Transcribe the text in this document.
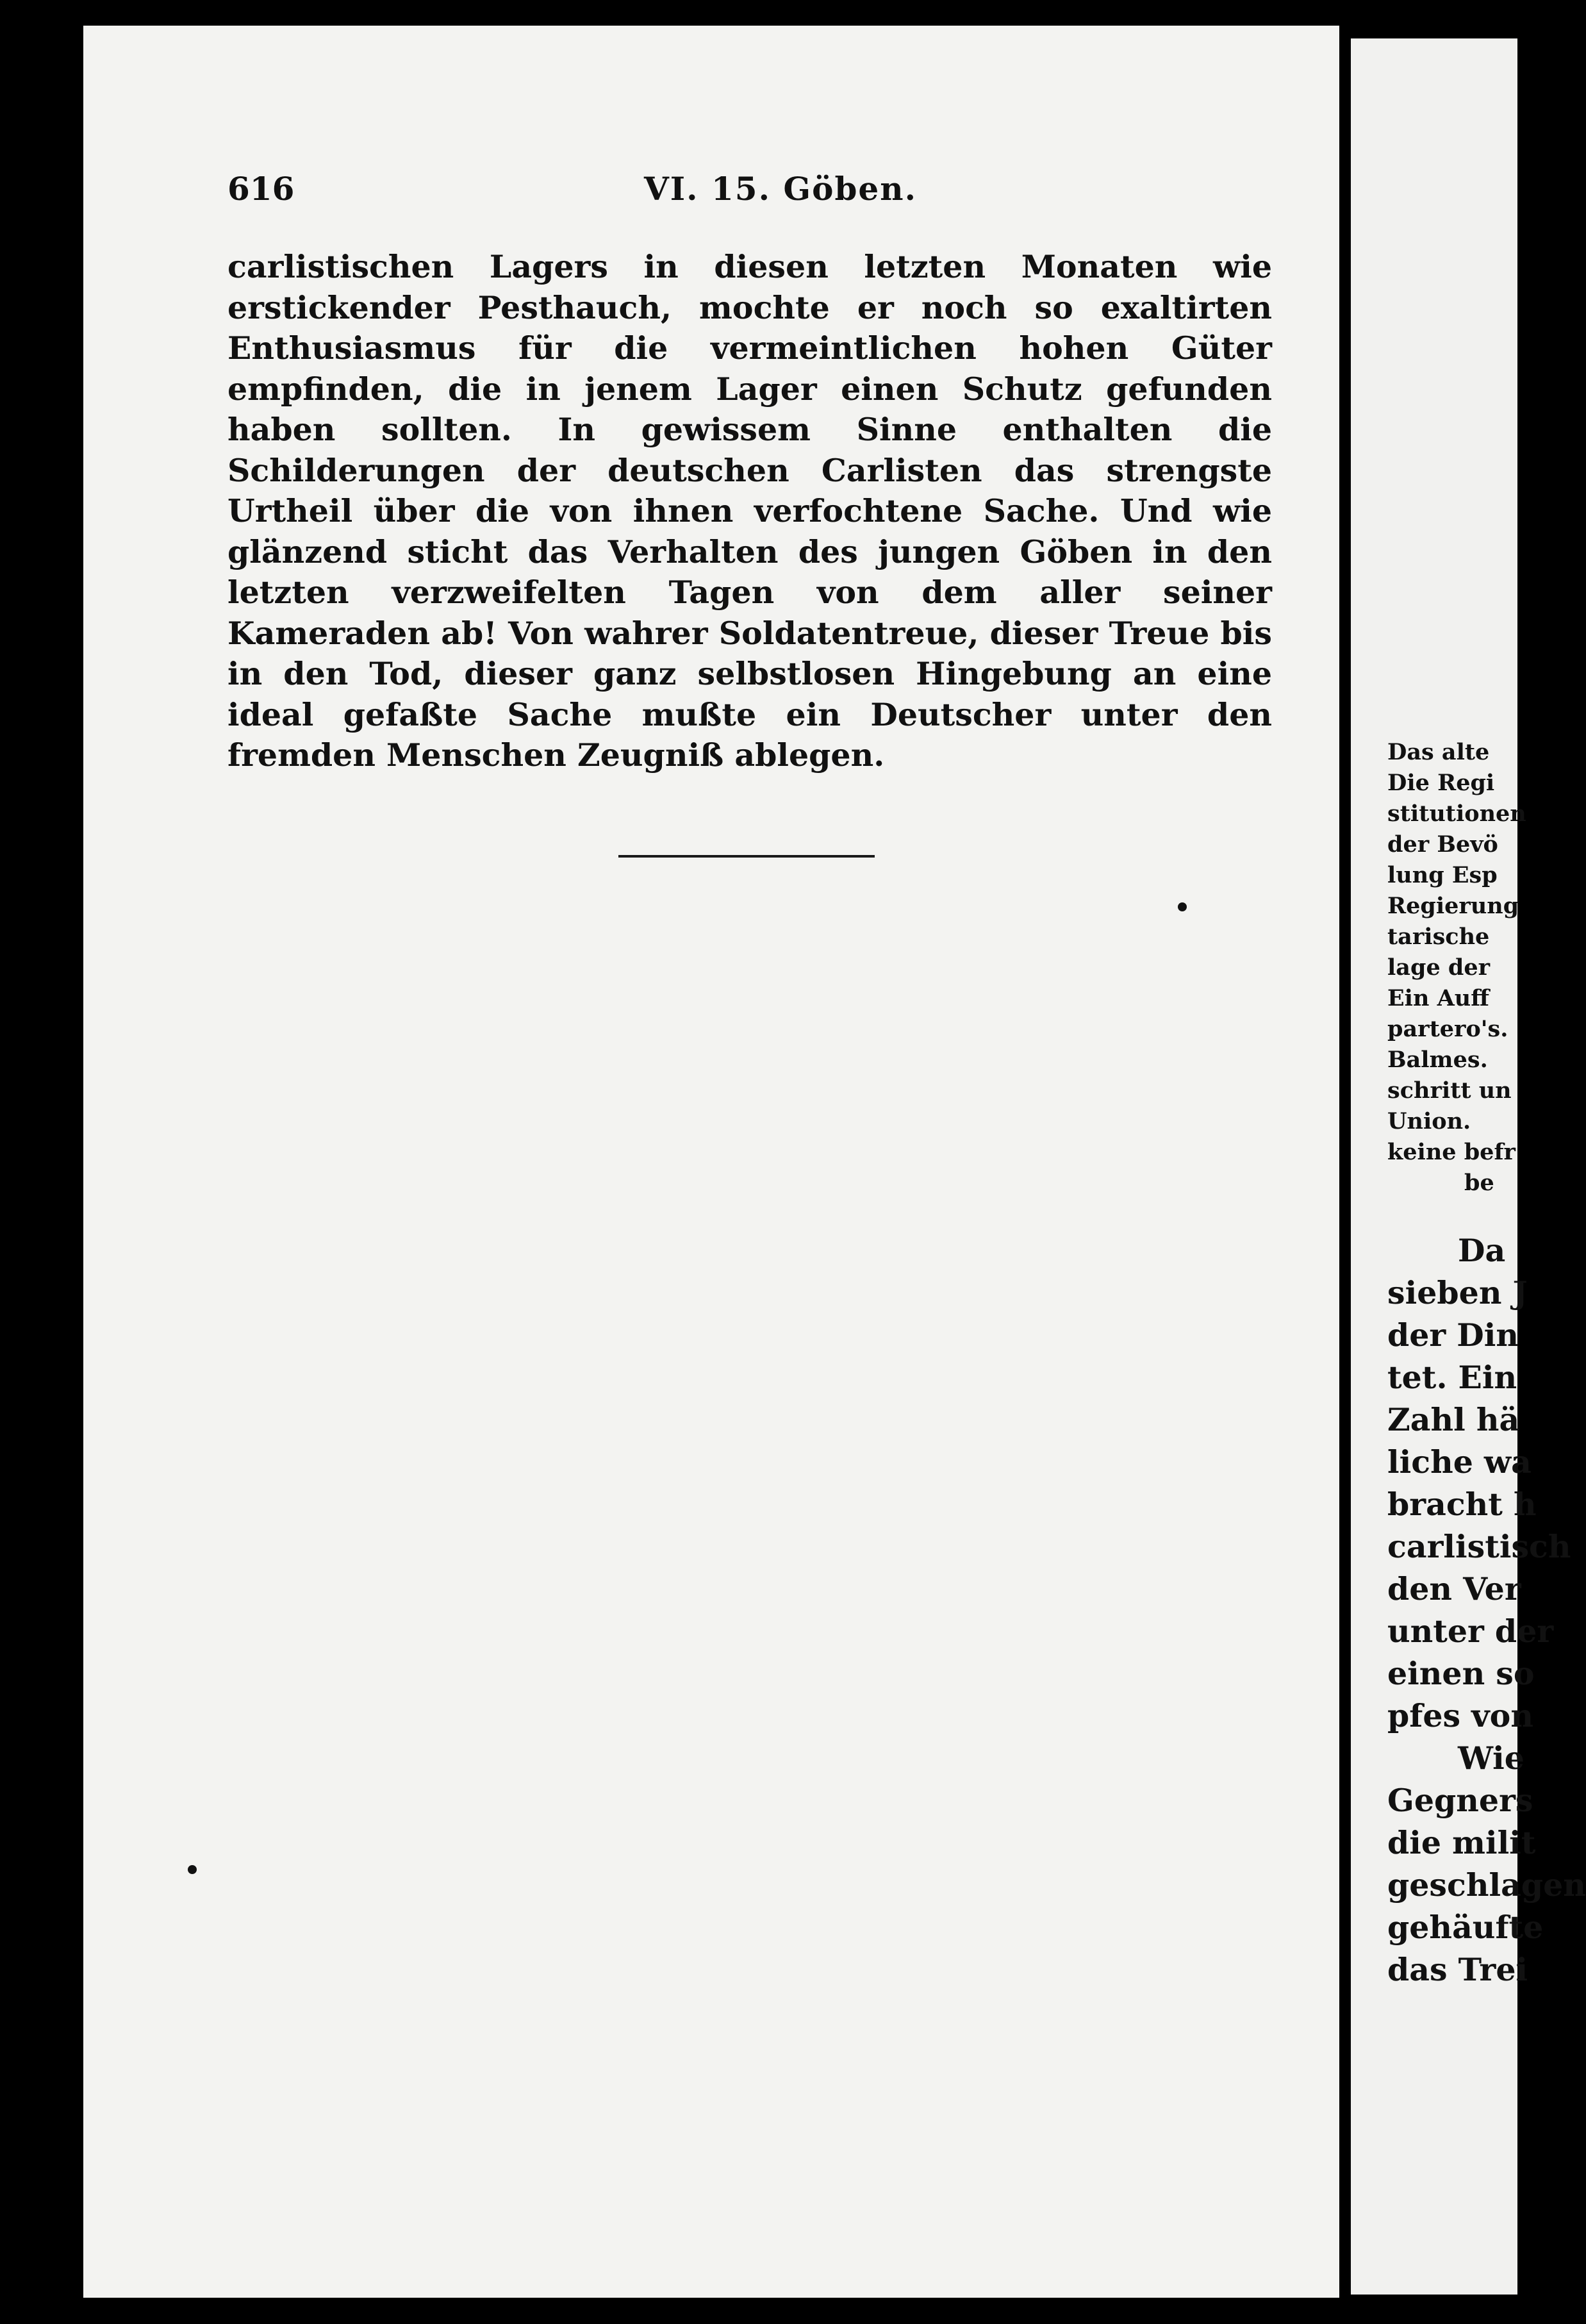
616	VI. 15. Göben.
carlistischen Lagers in diesen letzten Monaten wie erstickender Pesthauch, mochte er noch so exaltirten Enthusiasmus für die vermeintlichen hohen Güter empfinden, die in jenem Lager einen Schutz gefunden haben sollten. In gewissem Sinne enthalten die Schilderungen der deutschen Carlisten das strengste Urtheil über die von ihnen verfochtene Sache. Und wie glänzend sticht das Verhalten des jungen Göben in den letzten verzweifelten Tagen von dem aller seiner Kameraden ab! Von wahrer Soldatentreue, dieser Treue bis in den Tod, dieser ganz selbstlosen Hingebung an eine ideal gefaßte Sache mußte ein Deutscher unter den fremden Menschen Zeugniß ablegen.	Das alte
Die Regi
stitutionen
der Bevö
lung Esp
Regierung
tarische
lage der
Ein Auff
partero's.
Balmes.
schritt un
Union.
keine befr
be
Da
sieben J
der Din
tet. Ein
Zahl hä
liche wa
bracht h
carlistisch
den Ver
unter der
einen so
pfes von
Wie
Gegners
die milit
geschlagen
gehäufte
das Trei
